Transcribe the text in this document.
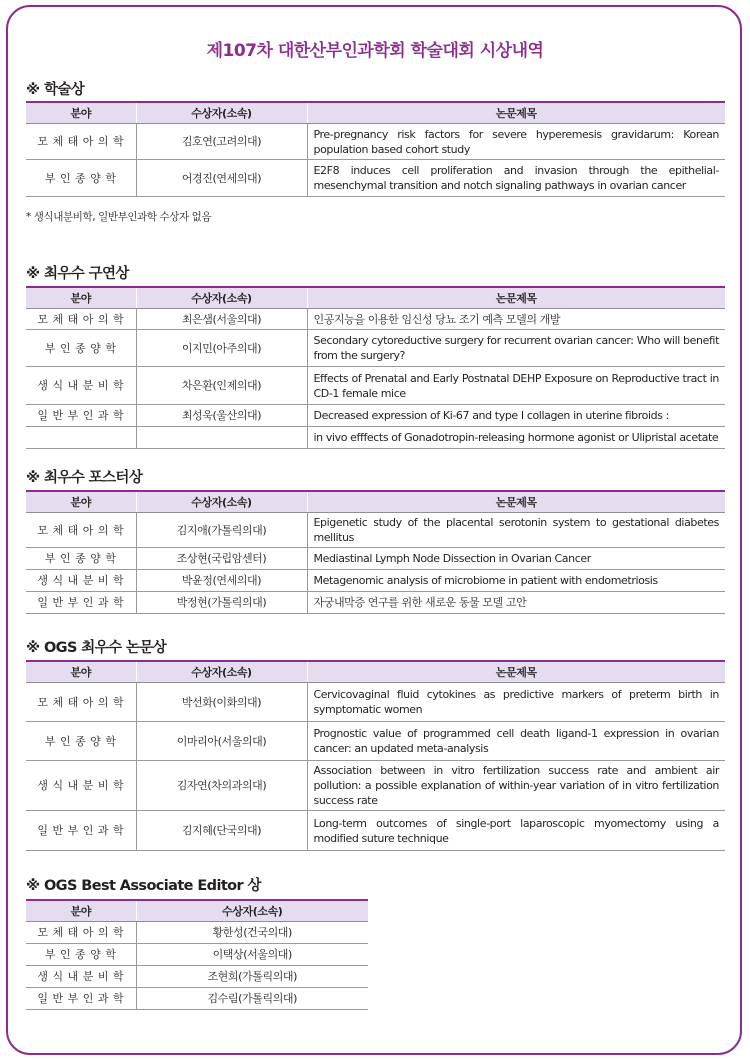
제107차 대한산부인과학회 학술대회 시상내역
※ 학술상
분야	수상자(소속)	논문제목
모체태아의학	김호연(고려의대)	Pre-pregnancy risk factors for severe hyperemesis gravidarum: Korean population based cohort study
부인종양학	어경진(연세의대)	E2F8 induces cell proliferation and invasion through the epithelial-mesenchymal transition and notch signaling pathways in ovarian cancer
* 생식내분비학, 일반부인과학 수상자 없음
※ 최우수 구연상
분야	수상자(소속)	논문제목
모체태아의학	최은샘(서울의대)	인공지능을 이용한 임신성 당뇨 조기 예측 모델의 개발
부인종양학	이지민(아주의대)	Secondary cytoreductive surgery for recurrent ovarian cancer: Who will benefit from the surgery?
생식내분비학	차은환(인제의대)	Effects of Prenatal and Early Postnatal DEHP Exposure on Reproductive tract in CD-1 female mice
일반부인과학	최성욱(울산의대)	Decreased expression of Ki-67 and type I collagen in uterine fibroids :
		in vivo efffects of Gonadotropin-releasing hormone agonist or Ulipristal acetate
※ 최우수 포스터상
분야	수상자(소속)	논문제목
모체태아의학	김지애(가톨릭의대)	Epigenetic study of the placental serotonin system to gestational diabetes mellitus
부인종양학	조상현(국립암센터)	Mediastinal Lymph Node Dissection in Ovarian Cancer
생식내분비학	박윤정(연세의대)	Metagenomic analysis of microbiome in patient with endometriosis
일반부인과학	박정현(가톨릭의대)	자궁내막증 연구를 위한 새로운 동물 모델 고안
※ OGS 최우수 논문상
분야	수상자(소속)	논문제목
모체태아의학	박선화(이화의대)	Cervicovaginal fluid cytokines as predictive markers of preterm birth in symptomatic women
부인종양학	이마리아(서울의대)	Prognostic value of programmed cell death ligand-1 expression in ovarian cancer: an updated meta-analysis
생식내분비학	김자연(차의과의대)	Association between in vitro fertilization success rate and ambient air pollution: a possible explanation of within-year variation of in vitro fertilization success rate
일반부인과학	김지혜(단국의대)	Long-term outcomes of single-port laparoscopic myomectomy using a modified suture technique
※ OGS Best Associate Editor 상
분야	수상자(소속)
모체태아의학	황한성(건국의대)
부인종양학	이택상(서울의대)
생식내분비학	조현희(가톨릭의대)
일반부인과학	김수림(가톨릭의대)
